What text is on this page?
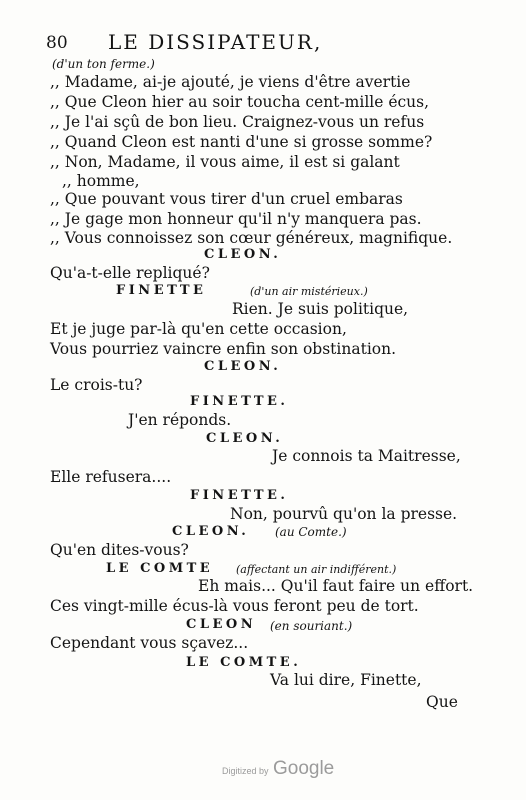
80 LE DISSIPATEUR,
(d'un ton ferme.)
,, Madame, ai-je ajouté, je viens d'être avertie
,, Que Cleon hier au soir toucha cent-mille écus,
,, Je l'ai sçû de bon lieu. Craignez-vous un refus
,, Quand Cleon est nanti d'une si grosse somme?
,, Non, Madame, il vous aime, il est si galant
,, homme,
,, Que pouvant vous tirer d'un cruel embaras
,, Je gage mon honneur qu'il n'y manquera pas.
,, Vous connoissez son cœur généreux, magnifique.
CLEON.
Qu'a-t-elle repliqué?
FINETTE	(d'un air mistérieux.)
Rien. Je suis politique,
Et je juge par-là qu'en cette occasion,
Vous pourriez vaincre enfin son obstination.
CLEON.
Le crois-tu?
FINETTE.
J'en réponds.
CLEON.
Je connois ta Maitresse,
Elle refusera....
FINETTE.
Non, pourvû qu'on la presse.
CLEON. (au Comte.)
Qu'en dites-vous?
LE COMTE (affectant un air indifférent.)
Eh mais... Qu'il faut faire un effort.
Ces vingt-mille écus-là vous feront peu de tort.
CLEON (en souriant.)
Cependant vous sçavez...
LE COMTE.
Va lui dire, Finette,
Que
Digitized by Google
